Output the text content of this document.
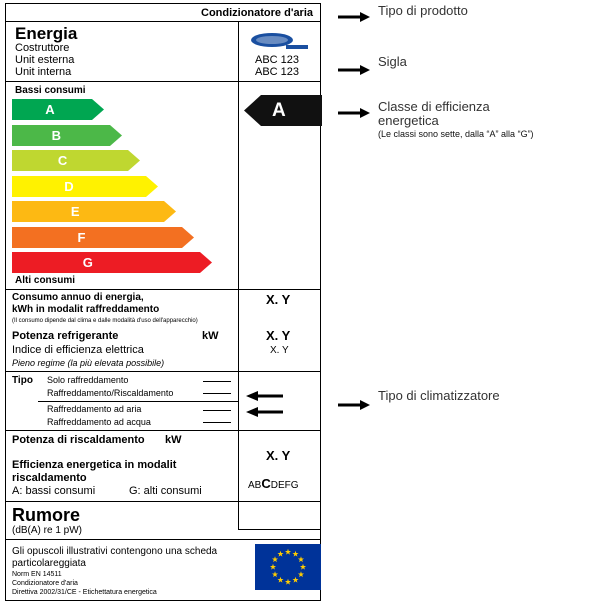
Condizionatore d'aria
Energia
Costruttore
Unit esterna
Unit interna
ABC 123
ABC 123
Bassi consumi
A
B
C
D
E
F
G
A
Alti consumi
Consumo annuo di energia,
kWh in modalit raffreddamento
(Il consumo dipende dal clima e dalle modalità d'uso dell'apparecchio)
X. Y
Potenza refrigerante	kW	X. Y
Indice di efficienza elettrica	X. Y
Pieno regime (la più elevata possibile)
Tipo Solo raffreddamento
Raffreddamento/Riscaldamento
Raffreddamento ad aria
Raffreddamento ad acqua
Potenza di riscaldamento kW
X. Y
Efficienza energetica in modalit
riscaldamento
A: bassi consumi	G: alti consumi	ABCDEFG
Rumore
(dB(A) re 1 pW)
Gli opuscoli illustrativi contengono una scheda
particolareggiata
Norm EN 14511
Condizionatore d'aria
Direttiva 2002/31/CE - Etichettatura energetica
Tipo di prodotto
Sigla
Classe di efficienza
energetica
(Le classi sono sette, dalla “A” alla “G”)
Tipo di climatizzatore
